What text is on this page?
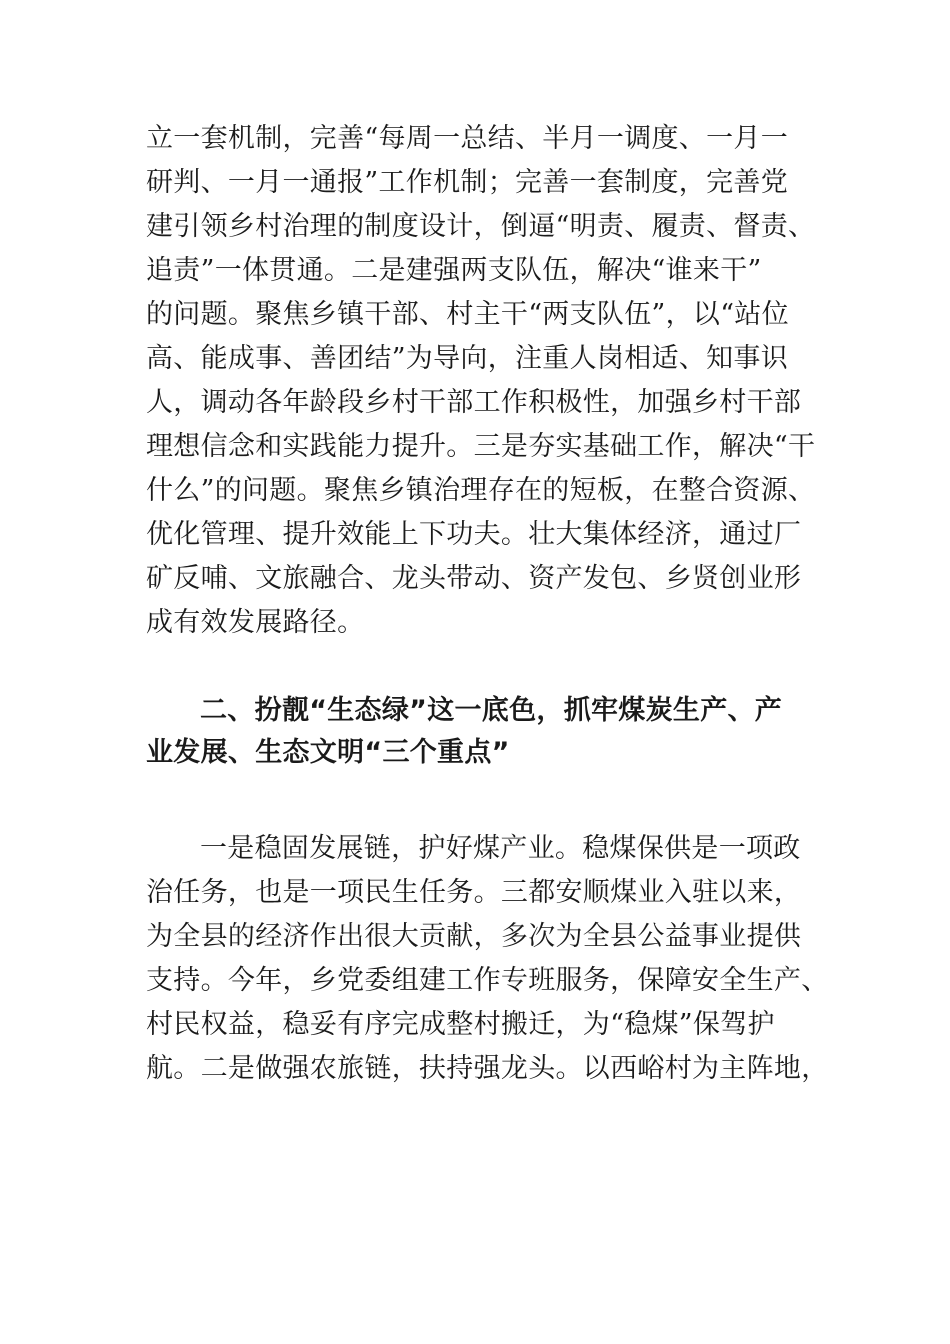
立一套机制，完善“每周一总结、半月一调度、一月一
研判、一月一通报”工作机制；完善一套制度，完善党
建引领乡村治理的制度设计，倒逼“明责、履责、督责、
追责”一体贯通。二是建强两支队伍，解决“谁来干”
的问题。聚焦乡镇干部、村主干“两支队伍”，以“站位
高、能成事、善团结”为导向，注重人岗相适、知事识
人，调动各年龄段乡村干部工作积极性，加强乡村干部
理想信念和实践能力提升。三是夯实基础工作，解决“干
什么”的问题。聚焦乡镇治理存在的短板，在整合资源、
优化管理、提升效能上下功夫。壮大集体经济，通过厂
矿反哺、文旅融合、龙头带动、资产发包、乡贤创业形
成有效发展路径。
二、扮靓“生态绿”这一底色，抓牢煤炭生产、产
业发展、生态文明“三个重点”
一是稳固发展链，护好煤产业。稳煤保供是一项政
治任务，也是一项民生任务。三都安顺煤业入驻以来，
为全县的经济作出很大贡献，多次为全县公益事业提供
支持。今年，乡党委组建工作专班服务，保障安全生产、
村民权益，稳妥有序完成整村搬迁，为“稳煤”保驾护
航。二是做强农旅链，扶持强龙头。以西峪村为主阵地，
